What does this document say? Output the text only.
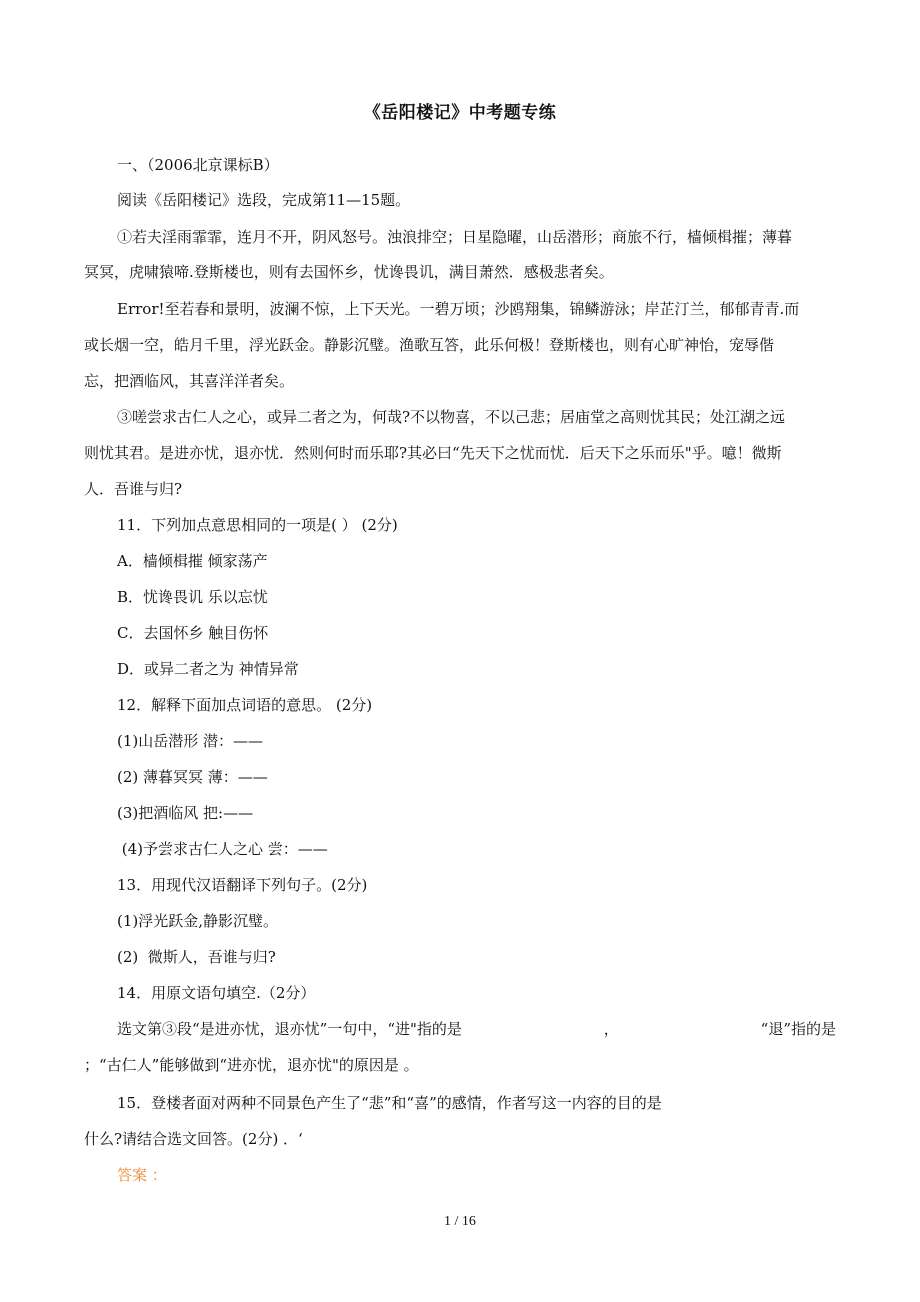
《岳阳楼记》中考题专练
一、（2006北京课标B）
阅读《岳阳楼记》选段，完成第11—15题。
①若夫淫雨霏霏，连月不开，阴风怒号。浊浪排空；日星隐曜，山岳潜形；商旅不行，樯倾楫摧；薄暮
冥冥，虎啸猿啼.登斯楼也，则有去国怀乡，忧谗畏讥，满目萧然．感极悲者矣。
Error!至若春和景明，波澜不惊，上下天光。一碧万顷；沙鸥翔集，锦鳞游泳；岸芷汀兰，郁郁青青.而
或长烟一空，皓月千里，浮光跃金。静影沉璧。渔歌互答，此乐何极！登斯楼也，则有心旷神怡，宠辱偕
忘，把酒临风，其喜洋洋者矣。
③嗟尝求古仁人之心，或异二者之为，何哉?不以物喜，不以己悲；居庙堂之高则忧其民；处江湖之远
则忧其君。是进亦忧，退亦忧．然则何时而乐耶?其必曰“先天下之忧而忧．后天下之乐而乐"乎。噫！微斯
人．吾谁与归?
11．下列加点意思相同的一项是( ） (2分)
A．樯倾楫摧 倾家荡产
B．忧谗畏讥 乐以忘忧
C．去国怀乡 触目伤怀
D．或异二者之为 神情异常
12．解释下面加点词语的意思。 (2分)
(1)山岳潜形 潜：——
(2) 薄暮冥冥 薄：——
(3)把酒临风 把:——
(4)予尝求古仁人之心 尝：——
13．用现代汉语翻译下列句子。(2分)
(1)浮光跃金,静影沉璧。
(2)  微斯人，吾谁与归?
14．用原文语句填空.（2分）
选文第③段“是进亦忧，退亦忧”一句中，“进"指的是	，	“退”指的是
；“古仁人”能够做到“进亦忧，退亦忧"的原因是 。
15．登楼者面对两种不同景色产生了“悲”和“喜”的感情，作者写这一内容的目的是
什么?请结合选文回答。(2分) ．‘
答案 ：
1 / 16
